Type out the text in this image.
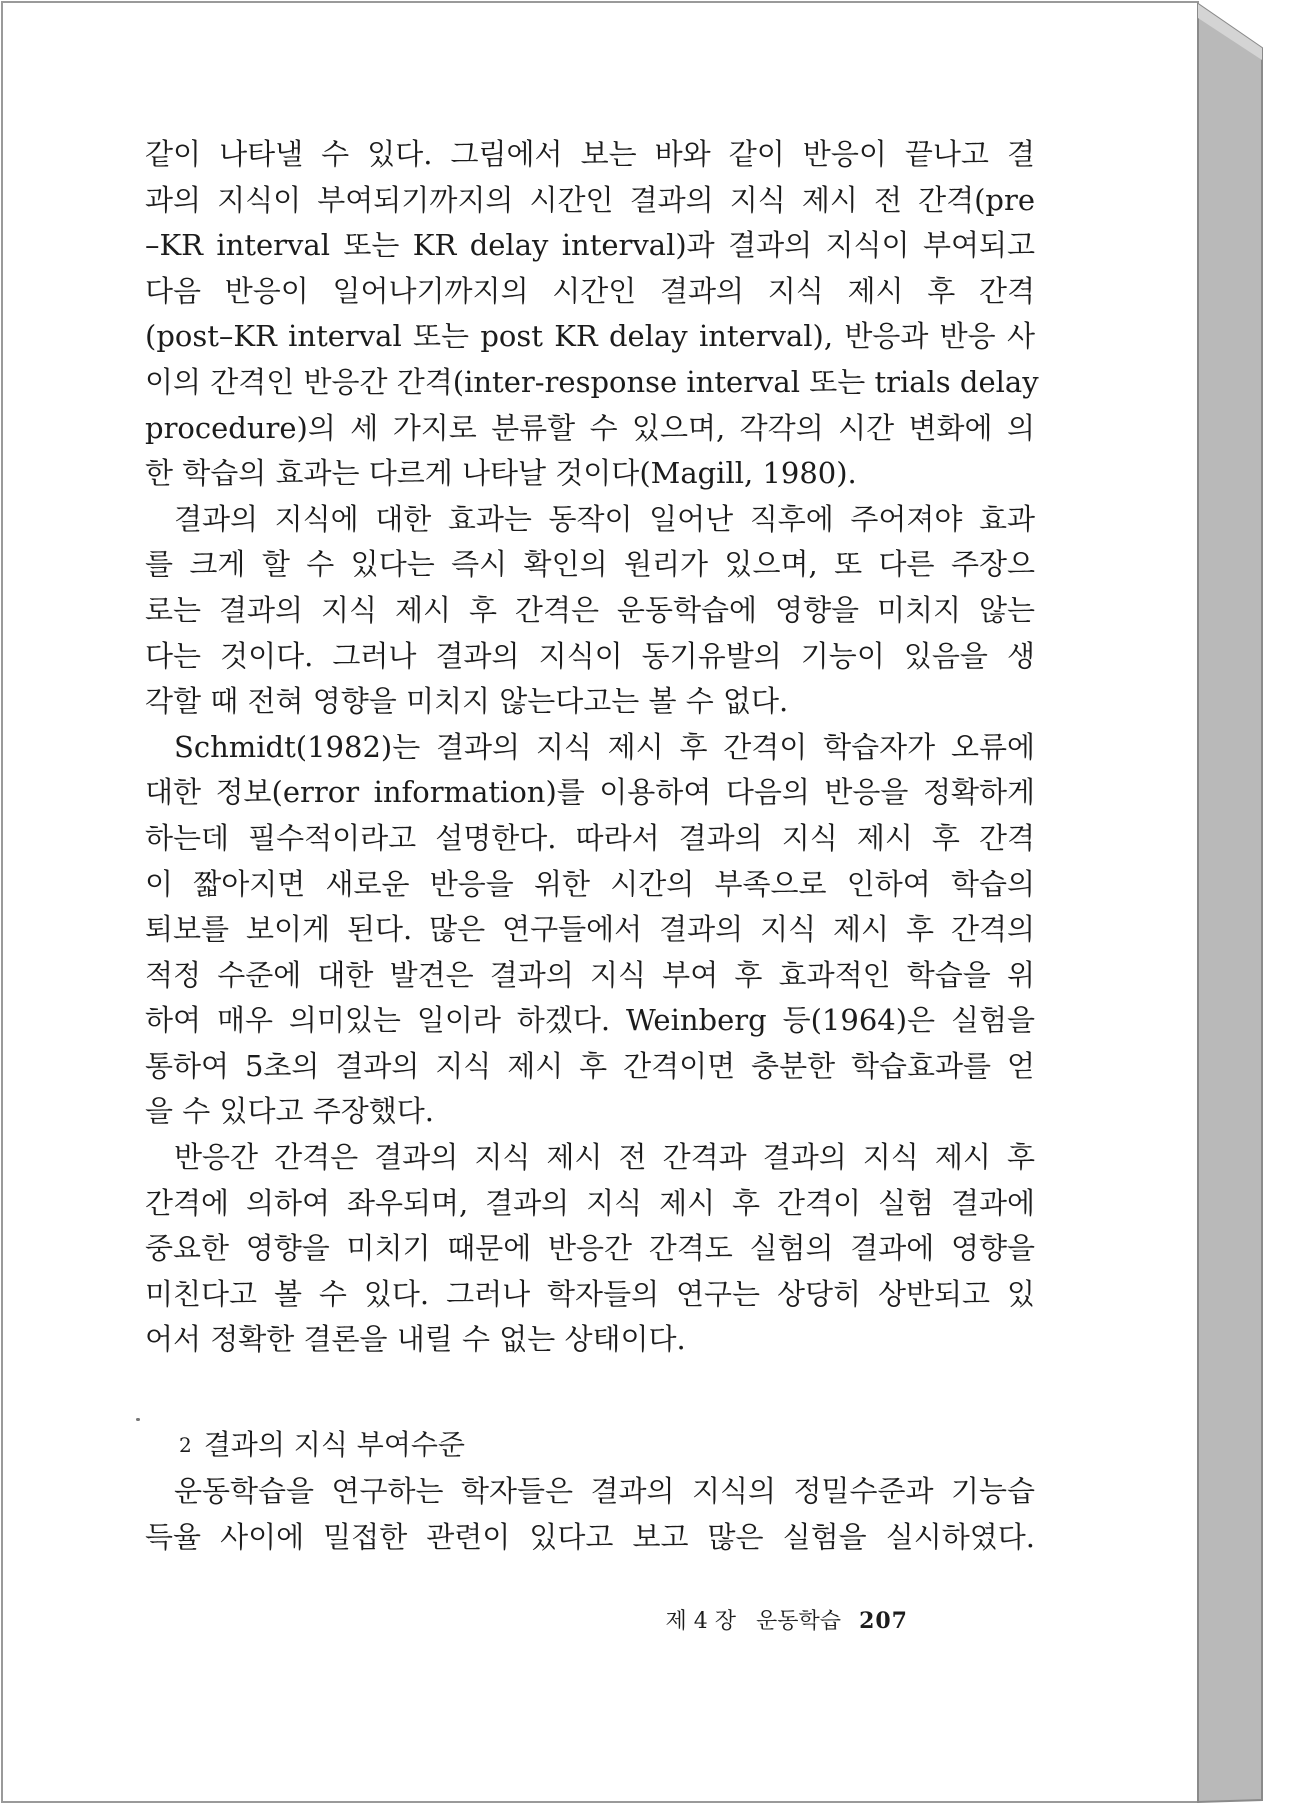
같이 나타낼 수 있다. 그림에서 보는 바와 같이 반응이 끝나고 결
과의 지식이 부여되기까지의 시간인 결과의 지식 제시 전 간격(pre
–KR interval 또는 KR delay interval)과 결과의 지식이 부여되고
다음 반응이 일어나기까지의 시간인 결과의 지식 제시 후 간격
(post–KR interval 또는 post KR delay interval), 반응과 반응 사
이의 간격인 반응간 간격(inter-response interval 또는 trials delay
procedure)의 세 가지로 분류할 수 있으며, 각각의 시간 변화에 의
한 학습의 효과는 다르게 나타날 것이다(Magill, 1980).
결과의 지식에 대한 효과는 동작이 일어난 직후에 주어져야 효과
를 크게 할 수 있다는 즉시 확인의 원리가 있으며, 또 다른 주장으
로는 결과의 지식 제시 후 간격은 운동학습에 영향을 미치지 않는
다는 것이다. 그러나 결과의 지식이 동기유발의 기능이 있음을 생
각할 때 전혀 영향을 미치지 않는다고는 볼 수 없다.
Schmidt(1982)는 결과의 지식 제시 후 간격이 학습자가 오류에
대한 정보(error information)를 이용하여 다음의 반응을 정확하게
하는데 필수적이라고 설명한다. 따라서 결과의 지식 제시 후 간격
이 짧아지면 새로운 반응을 위한 시간의 부족으로 인하여 학습의
퇴보를 보이게 된다. 많은 연구들에서 결과의 지식 제시 후 간격의
적정 수준에 대한 발견은 결과의 지식 부여 후 효과적인 학습을 위
하여 매우 의미있는 일이라 하겠다. Weinberg 등(1964)은 실험을
통하여 5초의 결과의 지식 제시 후 간격이면 충분한 학습효과를 얻
을 수 있다고 주장했다.
반응간 간격은 결과의 지식 제시 전 간격과 결과의 지식 제시 후
간격에 의하여 좌우되며, 결과의 지식 제시 후 간격이 실험 결과에
중요한 영향을 미치기 때문에 반응간 간격도 실험의 결과에 영향을
미친다고 볼 수 있다. 그러나 학자들의 연구는 상당히 상반되고 있
어서 정확한 결론을 내릴 수 없는 상태이다.
2 결과의 지식 부여수준
운동학습을 연구하는 학자들은 결과의 지식의 정밀수준과 기능습
득율 사이에 밀접한 관련이 있다고 보고 많은 실험을 실시하였다.
제 4 장 운동학습 207
